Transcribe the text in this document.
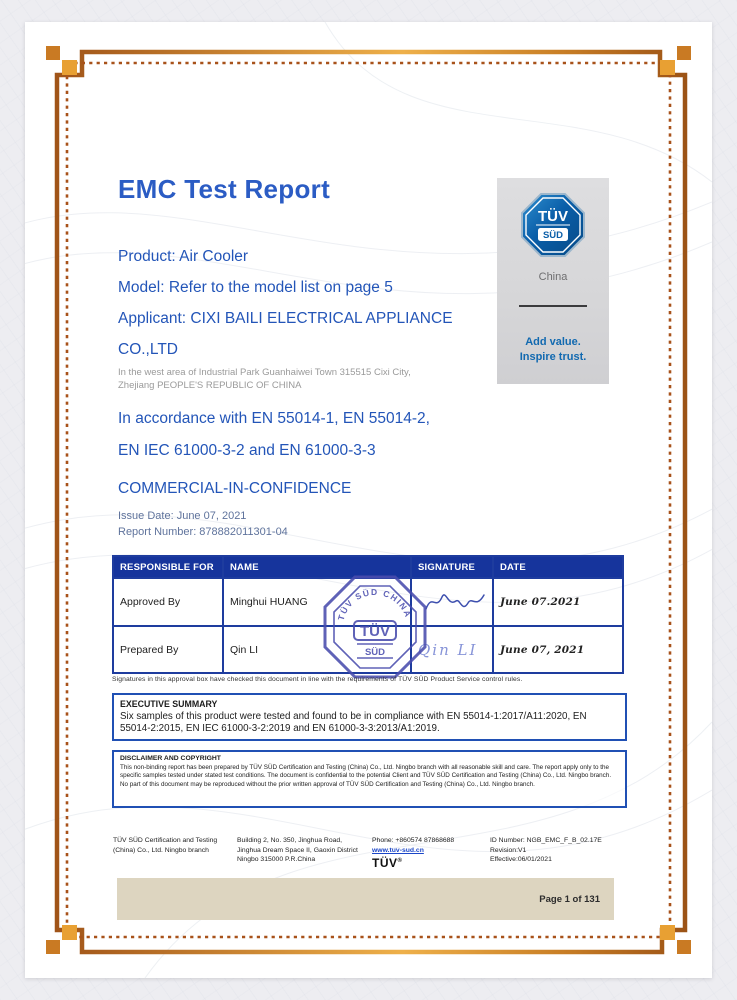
EMC Test Report
Product: Air Cooler
Model: Refer to the model list on page 5
Applicant: CIXI BAILI ELECTRICAL APPLIANCE
CO.,LTD
In the west area of Industrial Park Guanhaiwei Town 315515 Cixi City,
Zhejiang PEOPLE'S REPUBLIC OF CHINA
TÜV
SÜD
China
Add value.
Inspire trust.
In accordance with EN 55014-1, EN 55014-2,
EN IEC 61000-3-2 and EN 61000-3-3
COMMERCIAL-IN-CONFIDENCE
Issue Date: June 07, 2021
Report Number: 878882011301-04
RESPONSIBLE FOR	NAME	SIGNATURE	DATE
Approved By	Minghui HUANG		June 07.2021
Prepared By	Qin LI	Qin LI	June 07, 2021
TÜV SÜD CHINA
TÜV
SÜD
Signatures in this approval box have checked this document in line with the requirements of TÜV SÜD Product Service control rules.
EXECUTIVE SUMMARY
Six samples of this product were tested and found to be in compliance with EN 55014-1:2017/A11:2020, EN 55014-2:2015, EN IEC 61000-3-2:2019 and EN 61000-3-3:2013/A1:2019.
DISCLAIMER AND COPYRIGHT
This non-binding report has been prepared by TÜV SÜD Certification and Testing (China) Co., Ltd. Ningbo branch with all reasonable skill and care. The report apply only to the specific samples tested under stated test conditions. The document is confidential to the potential Client and TÜV SÜD Certification and Testing (China) Co., Ltd. Ningbo branch. No part of this document may be reproduced without the prior written approval of TÜV SÜD Certification and Testing (China) Co., Ltd. Ningbo branch.
TÜV SÜD Certification and Testing (China) Co., Ltd. Ningbo branch
Building 2, No. 350, Jinghua Road, Jinghua Dream Space II, Gaoxin District Ningbo 315000 P.R.China
Phone: +860574 87868688
www.tuv-sud.cn
TÜV®
ID Number: NGB_EMC_F_B_02.17E
Revision:V1
Effective:06/01/2021
Page 1 of 131
